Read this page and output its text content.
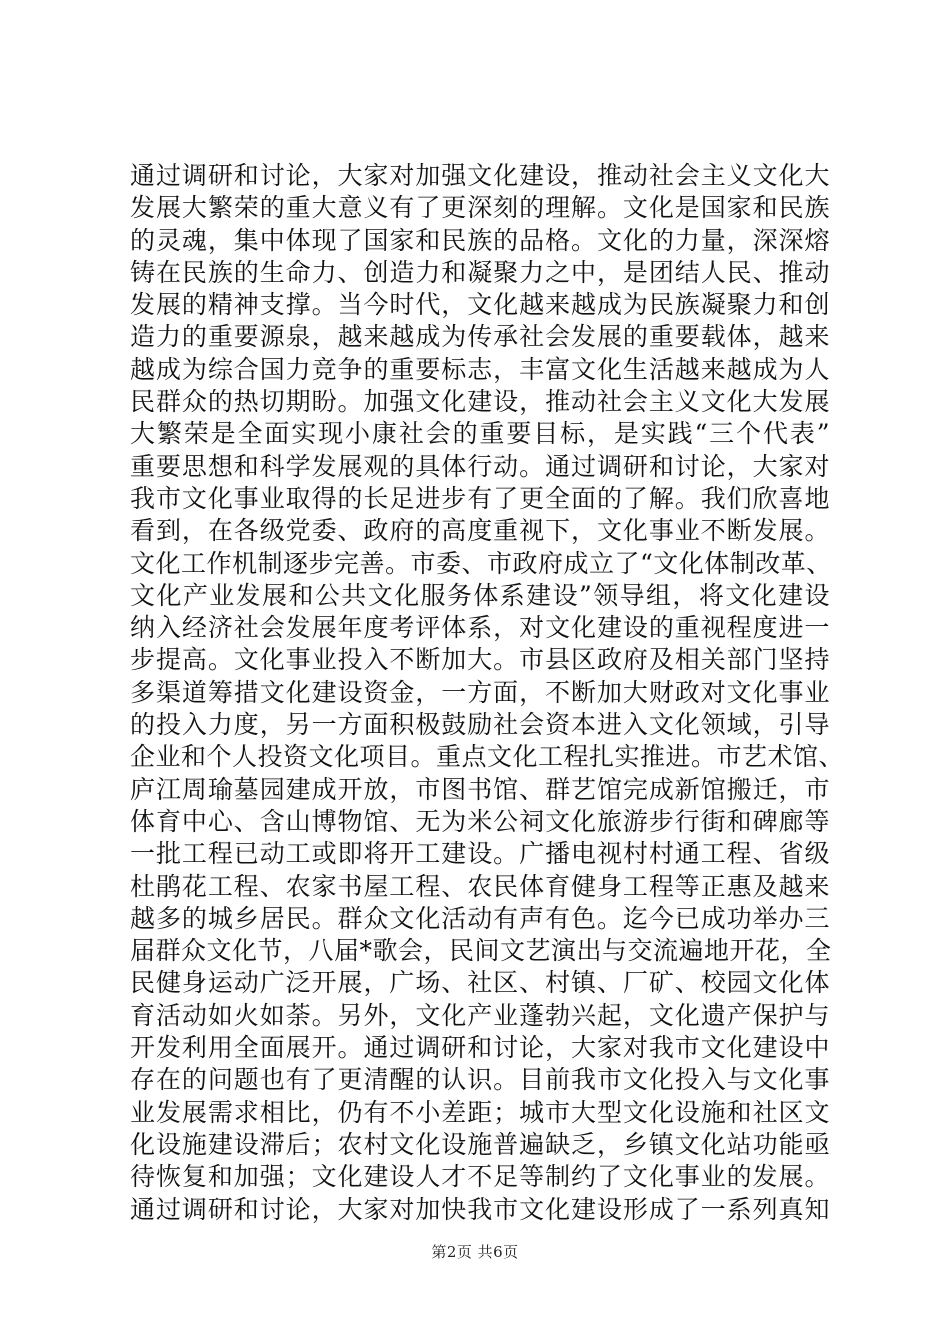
通过调研和讨论，大家对加强文化建设，推动社会主义文化大
发展大繁荣的重大意义有了更深刻的理解。文化是国家和民族
的灵魂，集中体现了国家和民族的品格。文化的力量，深深熔
铸在民族的生命力、创造力和凝聚力之中，是团结人民、推动
发展的精神支撑。当今时代，文化越来越成为民族凝聚力和创
造力的重要源泉，越来越成为传承社会发展的重要载体，越来
越成为综合国力竞争的重要标志，丰富文化生活越来越成为人
民群众的热切期盼。加强文化建设，推动社会主义文化大发展
大繁荣是全面实现小康社会的重要目标，是实践“三个代表”
重要思想和科学发展观的具体行动。通过调研和讨论，大家对
我市文化事业取得的长足进步有了更全面的了解。我们欣喜地
看到，在各级党委、政府的高度重视下，文化事业不断发展。
文化工作机制逐步完善。市委、市政府成立了“文化体制改革、
文化产业发展和公共文化服务体系建设”领导组，将文化建设
纳入经济社会发展年度考评体系，对文化建设的重视程度进一
步提高。文化事业投入不断加大。市县区政府及相关部门坚持
多渠道筹措文化建设资金，一方面，不断加大财政对文化事业
的投入力度，另一方面积极鼓励社会资本进入文化领域，引导
企业和个人投资文化项目。重点文化工程扎实推进。市艺术馆、
庐江周瑜墓园建成开放，市图书馆、群艺馆完成新馆搬迁，市
体育中心、含山博物馆、无为米公祠文化旅游步行街和碑廊等
一批工程已动工或即将开工建设。广播电视村村通工程、省级
杜鹃花工程、农家书屋工程、农民体育健身工程等正惠及越来
越多的城乡居民。群众文化活动有声有色。迄今已成功举办三
届群众文化节，八届*歌会，民间文艺演出与交流遍地开花，全
民健身运动广泛开展，广场、社区、村镇、厂矿、校园文化体
育活动如火如荼。另外，文化产业蓬勃兴起，文化遗产保护与
开发利用全面展开。通过调研和讨论，大家对我市文化建设中
存在的问题也有了更清醒的认识。目前我市文化投入与文化事
业发展需求相比，仍有不小差距；城市大型文化设施和社区文
化设施建设滞后；农村文化设施普遍缺乏，乡镇文化站功能亟
待恢复和加强；文化建设人才不足等制约了文化事业的发展。
通过调研和讨论，大家对加快我市文化建设形成了一系列真知
第2页 共6页
